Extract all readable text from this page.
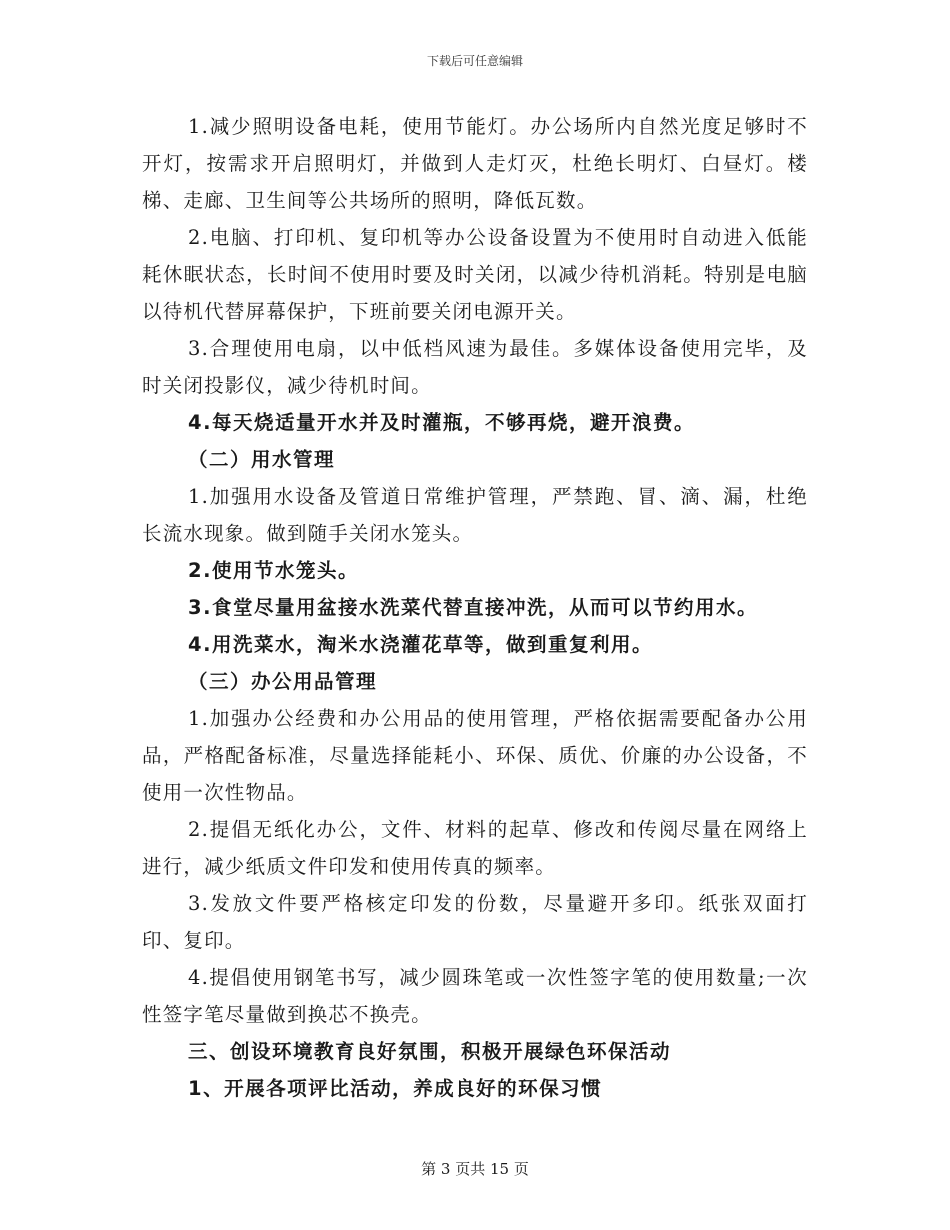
下载后可任意编辑

1.减少照明设备电耗，使用节能灯。办公场所内自然光度足够时不开灯，按需求开启照明灯，并做到人走灯灭，杜绝长明灯、白昼灯。楼梯、走廊、卫生间等公共场所的照明，降低瓦数。

2.电脑、打印机、复印机等办公设备设置为不使用时自动进入低能耗休眠状态，长时间不使用时要及时关闭，以减少待机消耗。特别是电脑以待机代替屏幕保护，下班前要关闭电源开关。

3.合理使用电扇，以中低档风速为最佳。多媒体设备使用完毕，及时关闭投影仪，减少待机时间。

4.每天烧适量开水并及时灌瓶，不够再烧，避开浪费。

（二）用水管理

1.加强用水设备及管道日常维护管理，严禁跑、冒、滴、漏，杜绝长流水现象。做到随手关闭水笼头。

2.使用节水笼头。

3.食堂尽量用盆接水洗菜代替直接冲洗，从而可以节约用水。

4.用洗菜水，淘米水浇灌花草等，做到重复利用。

（三）办公用品管理

1.加强办公经费和办公用品的使用管理，严格依据需要配备办公用品，严格配备标准，尽量选择能耗小、环保、质优、价廉的办公设备，不使用一次性物品。

2.提倡无纸化办公，文件、材料的起草、修改和传阅尽量在网络上进行，减少纸质文件印发和使用传真的频率。

3.发放文件要严格核定印发的份数，尽量避开多印。纸张双面打印、复印。

4.提倡使用钢笔书写，减少圆珠笔或一次性签字笔的使用数量;一次性签字笔尽量做到换芯不换壳。

三、创设环境教育良好氛围，积极开展绿色环保活动

1、开展各项评比活动，养成良好的环保习惯

第 3 页共 15 页
